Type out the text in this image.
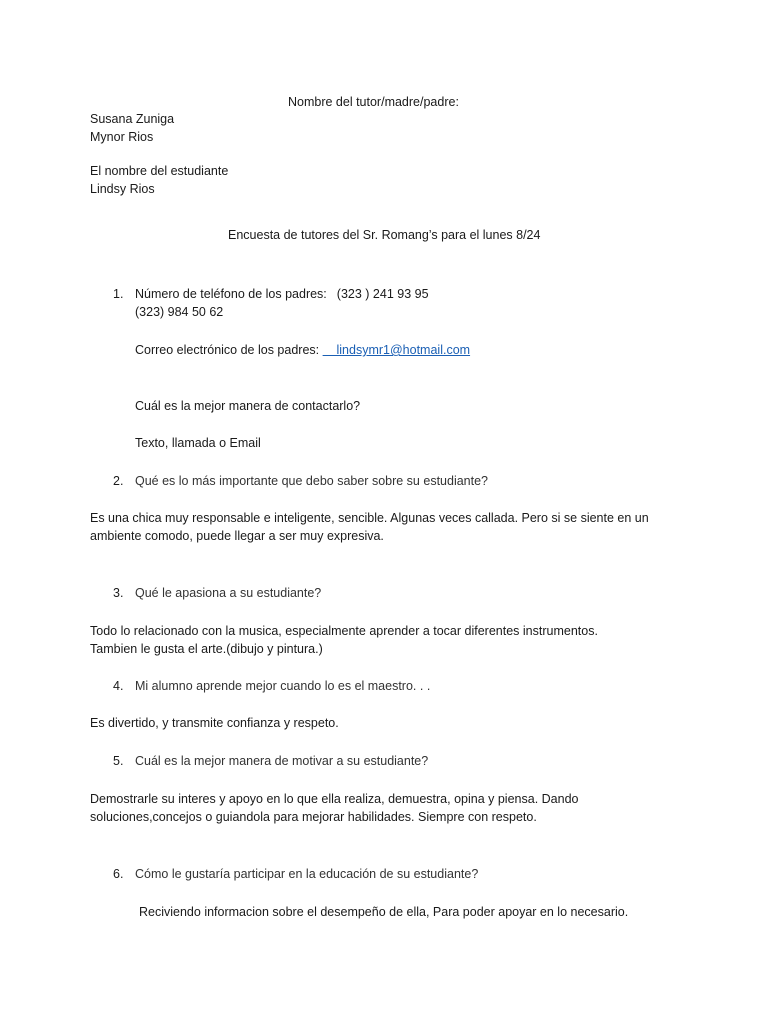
Nombre del tutor/madre/padre:
Susana Zuniga
Mynor Rios
El nombre del estudiante
Lindsy Rios
Encuesta de tutores del Sr. Romang’s para el lunes 8/24
1. Número de teléfono de los padres: (323 ) 241 93 95
(323) 984 50 62
Correo electrónico de los padres:     lindsymr1@hotmail.com
Cuál es la mejor manera de contactarlo?
Texto, llamada o Email
2. Qué es lo más importante que debo saber sobre su estudiante?
Es una chica muy responsable e inteligente, sencible. Algunas veces callada. Pero si se siente en un
ambiente comodo, puede llegar a ser muy expresiva.
3. Qué le apasiona a su estudiante?
Todo lo relacionado con la musica, especialmente aprender a tocar diferentes instrumentos.
Tambien le gusta el arte.(dibujo y pintura.)
4. Mi alumno aprende mejor cuando lo es el maestro. . .
Es divertido, y transmite confianza y respeto.
5. Cuál es la mejor manera de motivar a su estudiante?
Demostrarle su interes y apoyo en lo que ella realiza, demuestra, opina y piensa. Dando
soluciones,concejos o guiandola para mejorar habilidades. Siempre con respeto.
6. Cómo le gustaría participar en la educación de su estudiante?
Reciviendo informacion sobre el desempeño de ella, Para poder apoyar en lo necesario.
